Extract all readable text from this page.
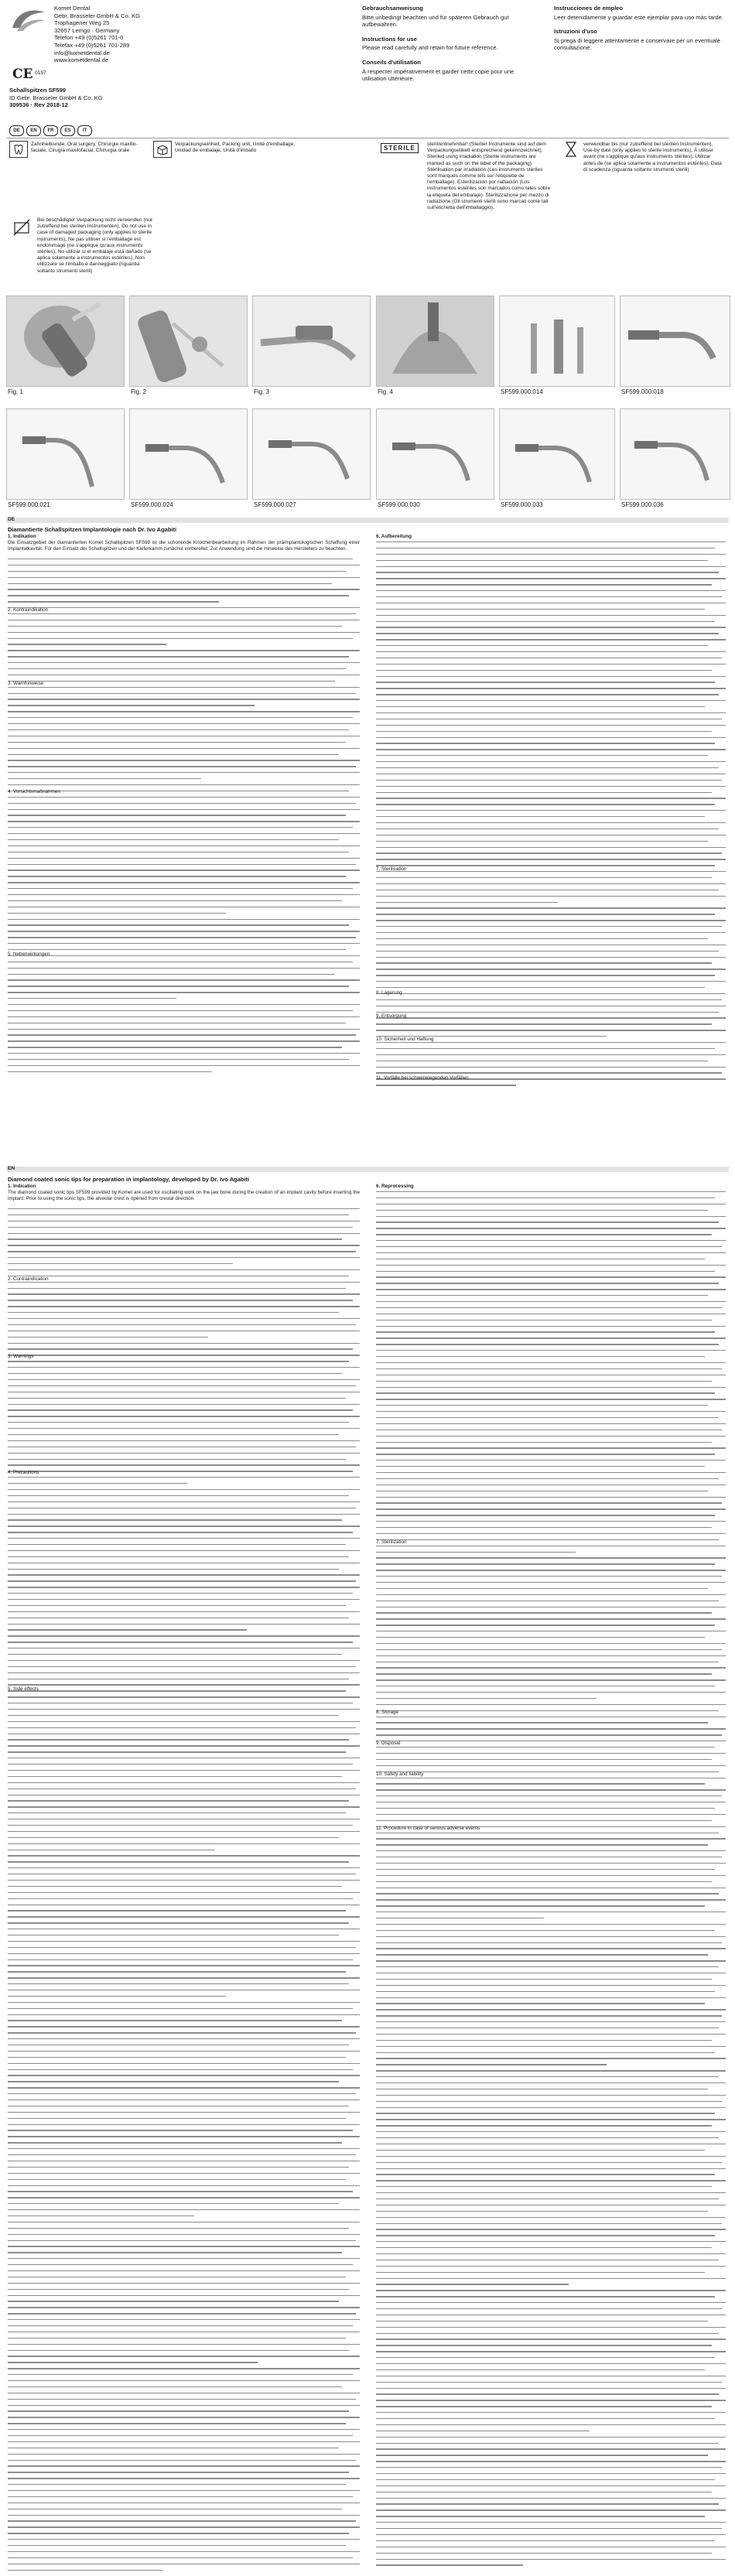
Komet Dental
Gebr. Brasseler GmbH & Co. KG
Trophagener Weg 25
32657 Lemgo · Germany
Telefon +49 (0)5261 701-0
Telefax +49 (0)5261 701-289
info@kometdental.de
www.kometdental.de
CE 0197

Gebrauchsanweisung

Bitte unbedingt beachten und für späteren Gebrauch gut aufbewahren.

Instructions for use

Please read carefully and retain for future reference.

Conseils d'utilisation

À respecter impérativement et garder cette copie pour une utilisation ultérieure.

Instrucciones de empleo

Leer detenidamente y guardar este ejemplar para uso más tarde.

Istruzioni d'uso

Si prega di leggere attentamente e conservare per un eventuale consultazione.

Schallspitzen SF599
ID Gebr. Brasseler GmbH & Co. KG
309536 · Rev 2018-12
DE	EN	FR	ES	IT
Zahnheilkunde, Oral surgery, Chirurgie maxillo-faciale, Cirugía maxilofacial, Chirurgia orale
Verpackungseinheit, Packing unit, Unité d'emballage, Unidad de embalaje, Unità d'imballo	STERILE
steril/entnehmbar! (Steriler Instrumente sind auf dem Verpackungsetikett entsprechend gekennzeichnet). Steriled using irradiation (Sterile instruments are marked as such on the label of the packaging). Stérilisation par irradiation (Les instruments stériles sont marqués comme tels sur l'étiquette de l'emballage). Esterilización por radiación (Los instrumentos estériles son marcados como tales sobre la etiqueta del embalaje). Sterilizzazione per mezzo di radiazione (Gli strumenti sterili sono marcati come tali sull'etichetta dell'imballaggio).
verwendbar bis (nur zutreffend bei sterilen Instrumenten), Use-by date (only applies to sterile instruments), À utiliser avant (ne s'applique qu'aux instruments stériles), Utilizar antes de (se aplica solamente a instrumentos estériles), Data di scadenza (riguarda soltanto strumenti sterili)
Bei beschädigter Verpackung nicht verwenden (nur zutreffend bei sterilen Instrumenten), Do not use in case of damaged packaging (only applies to sterile instruments), Ne pas utiliser si l'emballage est endommagé (ne s'applique qu'aux instruments stériles), No utilizar si el embalaje está dañado (se aplica solamente a instrumentos estériles), Non utilizzare se l'imballo è danneggiato (riguarda soltanto strumenti sterili)
Fig. 1	Fig. 2	Fig. 3	Fig. 4	SF599.000.014	SF599.000.018
SF599.000.021	SF599.000.024	SF599.000.027	SF599.000.030	SF599.000.033	SF599.000.036
DE
Diamantierte Schallspitzen Implantologie nach Dr. Ivo Agabiti
1. Indikation
Die Einsatzgebiet der diamantierten Komet Schallspitzen SF599 ist die schonende Knochenbearbeitung im Rahmen der präimplantologischen Schaffung einer Implantatkavität. Für den Einsatz der Schallspitzen und der Kieferkamm zunächst vorbereitet. Zur Anwendung sind die Hinweise des Herstellers zu beachten.
6. Aufbereitung
EN
Diamond coated sonic tips for preparation in implantology, developed by Dr. Ivo Agabiti
1. Indication
The diamond coated sonic tips SF599 provided by Komet are used for oscillating work on the jaw bone during the creation of an implant cavity before inserting the implant. Prior to using the sonic tips, the alveolar crest is opened from crestal direction.
6. Reprocessing
2. Kontraindikation
3. Warnhinweise
4. Vorsichtsmaßnahmen
5. Nebenwirkungen
7. Sterilisation
8. Lagerung
9. Entsorgung
10. Sicherheit und Haftung
11. Vorfälle bei schwerwiegenden Vorfällen
2. Contraindication
3. Warnings
4. Precautions
5. Side effects
7. Sterilization
8. Storage
9. Disposal
10. Safety and liability
11. Procedure in case of serious adverse events
